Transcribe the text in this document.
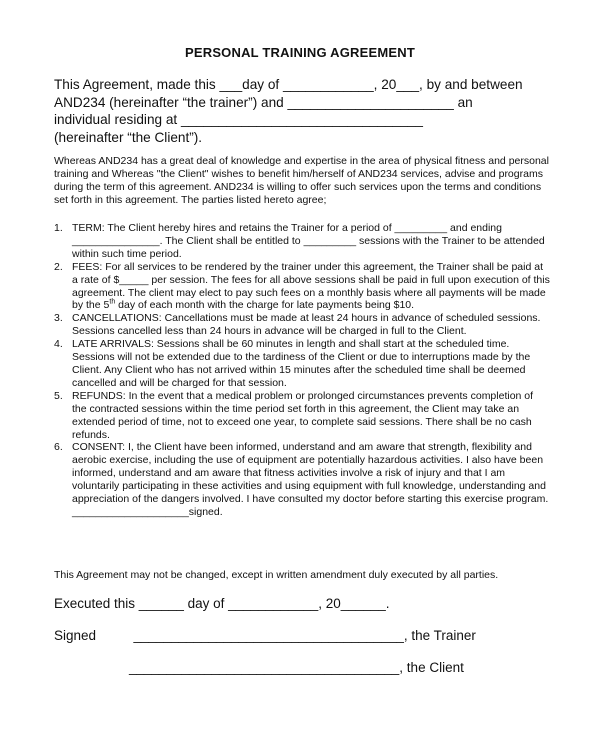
PERSONAL TRAINING AGREEMENT
This Agreement, made this ___day of ____________, 20___, by and between
AND234 (hereinafter “the trainer”) and ______________________ an
individual residing at ________________________________
(hereinafter “the Client”).
Whereas AND234 has a great deal of knowledge and expertise in the area of physical fitness and personal training and Whereas "the Client" wishes to benefit him/herself of AND234 services, advise and programs during the term of this agreement. AND234 is willing to offer such services upon the terms and conditions set forth in this agreement. The parties listed hereto agree;
1. TERM: The Client hereby hires and retains the Trainer for a period of _________ and ending _______________. The Client shall be entitled to _________ sessions with the Trainer to be attended within such time period.
2. FEES: For all services to be rendered by the trainer under this agreement, the Trainer shall be paid at a rate of $_____ per session. The fees for all above sessions shall be paid in full upon execution of this agreement. The client may elect to pay such fees on a monthly basis where all payments will be made by the 5th day of each month with the charge for late payments being $10.
3. CANCELLATIONS: Cancellations must be made at least 24 hours in advance of scheduled sessions. Sessions cancelled less than 24 hours in advance will be charged in full to the Client.
4. LATE ARRIVALS: Sessions shall be 60 minutes in length and shall start at the scheduled time. Sessions will not be extended due to the tardiness of the Client or due to interruptions made by the Client. Any Client who has not arrived within 15 minutes after the scheduled time shall be deemed cancelled and will be charged for that session.
5. REFUNDS: In the event that a medical problem or prolonged circumstances prevents completion of the contracted sessions within the time period set forth in this agreement, the Client may take an extended period of time, not to exceed one year, to complete said sessions. There shall be no cash refunds.
6. CONSENT: I, the Client have been informed, understand and am aware that strength, flexibility and aerobic exercise, including the use of equipment are potentially hazardous activities. I also have been informed, understand and am aware that fitness activities involve a risk of injury and that I am voluntarily participating in these activities and using equipment with full knowledge, understanding and appreciation of the dangers involved. I have consulted my doctor before starting this exercise program. ____________________signed.
This Agreement may not be changed, except in written amendment duly executed by all parties.
Executed this ______ day of ____________, 20______.
Signed          ____________________________________, the Trainer
____________________________________, the Client
